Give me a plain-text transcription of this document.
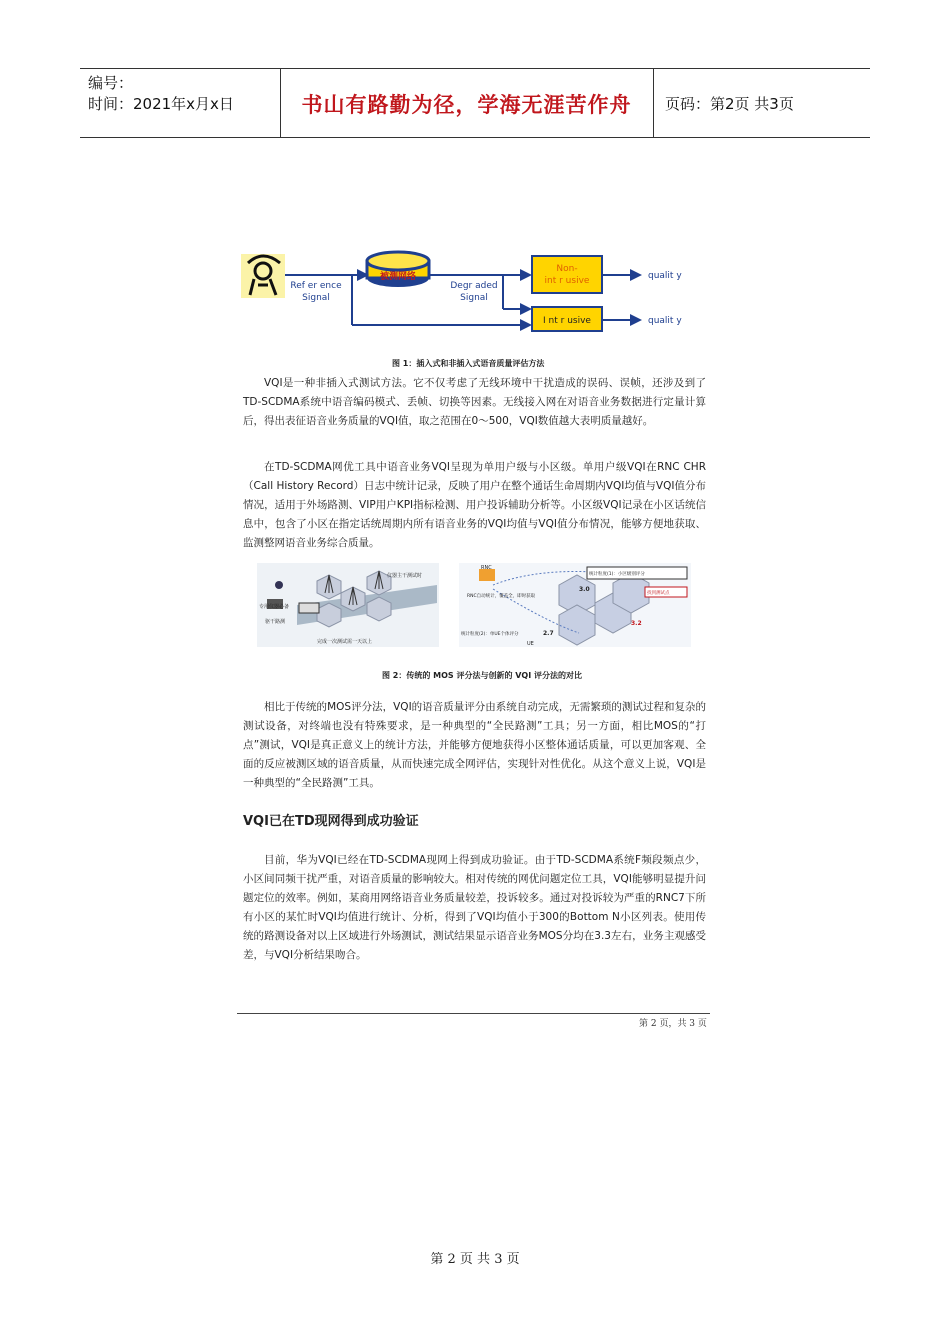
编号：
时间：2021年x月x日	书山有路勤为径，学海无涯苦作舟	页码：第2页 共3页
被测网络
Ref er ence
Signal
Degr aded
Signal
Non-
int r usive
I nt r usive
qualit y
qualit y
图 1：插入式和非插入式语音质量评估方法

VQI是一种非插入式测试方法。它不仅考虑了无线环境中干扰造成的误码、误帧，还涉及到了TD-SCDMA系统中语音编码模式、丢帧、切换等因素。无线接入网在对语音业务数据进行定量计算后，得出表征语音业务质量的VQI值，取之范围在0～500，VQI数值越大表明质量越好。

在TD-SCDMA网优工具中语音业务VQI呈现为单用户级与小区级。单用户级VQI在RNC CHR（Call History Record）日志中统计记录，反映了用户在整个通话生命周期内VQI均值与VQI值分布情况，适用于外场路测、VIP用户KPI指标检测、用户投诉辅助分析等。小区级VQI记录在小区话统信息中，包含了小区在指定话统周期内所有语音业务的VQI均值与VQI值分布情况，能够方便地获取、监测整网语音业务综合质量。

仪器主干测试时
专用仪器必备
驱干路测
完成一次测试需一天以上
RNC
RNC自动统计，覆盖全，即时获取
统计粒度(1)：小区级别评分
找到测试点
统计粒度(2)：单UE个体评分
UE
3.0
2.7
3.2
图 2：传统的 MOS 评分法与创新的 VQI 评分法的对比

相比于传统的MOS评分法，VQI的语音质量评分由系统自动完成，无需繁琐的测试过程和复杂的测试设备，对终端也没有特殊要求，是一种典型的“全民路测”工具；另一方面，相比MOS的“打点”测试，VQI是真正意义上的统计方法，并能够方便地获得小区整体通话质量，可以更加客观、全面的反应被测区域的语音质量，从而快速完成全网评估，实现针对性优化。从这个意义上说，VQI是一种典型的“全民路测”工具。

VQI已在TD现网得到成功验证

目前，华为VQI已经在TD-SCDMA现网上得到成功验证。由于TD-SCDMA系统F频段频点少，小区间同频干扰严重，对语音质量的影响较大。相对传统的网优问题定位工具，VQI能够明显提升问题定位的效率。例如，某商用网络语音业务质量较差，投诉较多。通过对投诉较为严重的RNC7下所有小区的某忙时VQI均值进行统计、分析，得到了VQI均值小于300的Bottom N小区列表。使用传统的路测设备对以上区域进行外场测试，测试结果显示语音业务MOS分均在3.3左右，业务主观感受差，与VQI分析结果吻合。

第 2 页，共 3 页
第 2 页 共 3 页
